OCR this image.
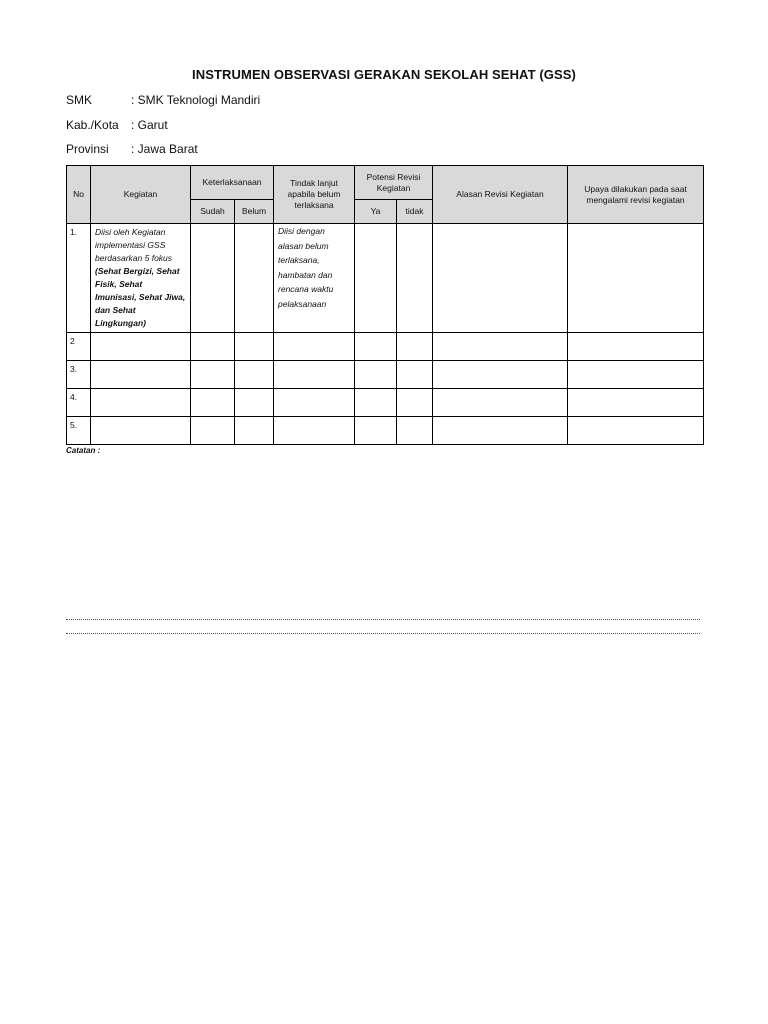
INSTRUMEN OBSERVASI GERAKAN SEKOLAH SEHAT (GSS)
SMK	: SMK Teknologi Mandiri
Kab./Kota : Garut
Provinsi : Jawa Barat
No	Kegiatan	Keterlaksanaan		Tindak lanjut apabila belum terlaksana	Potensi Revisi Kegiatan		Alasan Revisi Kegiatan	Upaya dilakukan pada saat mengalami revisi kegiatan
		Sudah	Belum		Ya	tidak		
1.	Diisi oleh Kegiatan implementasi GSS berdasarkan 5 fokus (Sehat Bergizi, Sehat Fisik, Sehat Imunisasi, Sehat Jiwa, dan Sehat Lingkungan)			Diisi dengan alasan belum terlaksana, hambatan dan rencana waktu pelaksanaan				
2								
3.								
4.								
5.								
Catatan :
